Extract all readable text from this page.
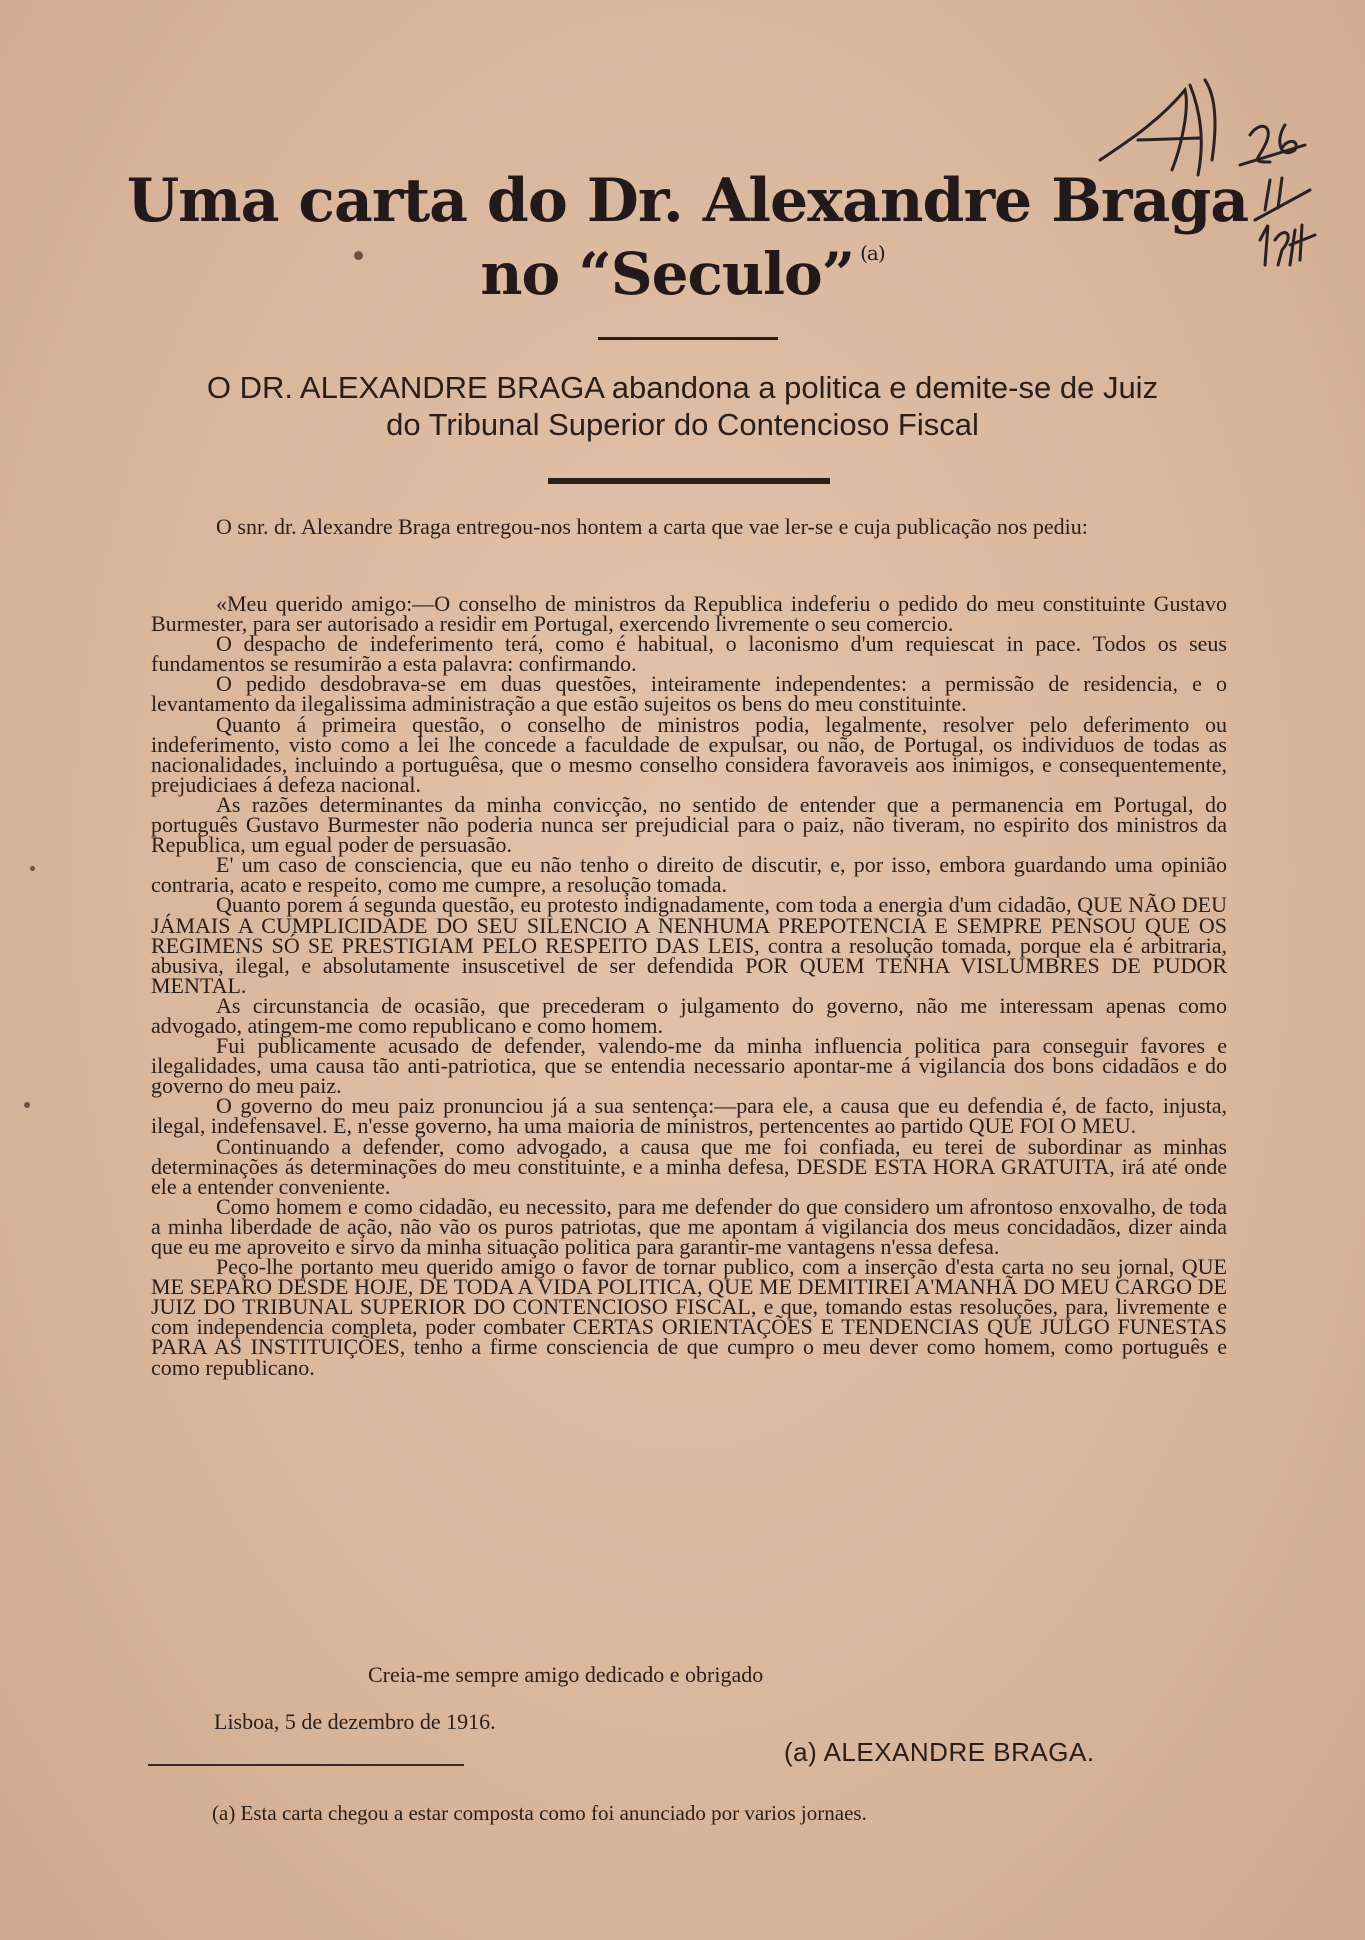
Uma carta do Dr. Alexandre Braga
no “Seculo” $^{(a)}$
O DR. ALEXANDRE BRAGA abandona a politica e demite-se de Juiz
do Tribunal Superior do Contencioso Fiscal

O snr. dr. Alexandre Braga entregou-nos hontem a carta que vae ler-se e cuja publicação nos pediu:

«Meu querido amigo:—O conselho de ministros da Republica indeferiu o pedido do meu constituinte Gustavo Burmester, para ser autorisado a residir em Portugal, exercendo livremente o seu comercio.

O despacho de indeferimento terá, como é habitual, o laconismo d'um requiescat in pace. Todos os seus fundamentos se resumirão a esta palavra: confirmando.

O pedido desdobrava-se em duas questões, inteiramente independentes: a permissão de residencia, e o levantamento da ilegalissima administração a que estão sujeitos os bens do meu constituinte.

Quanto á primeira questão, o conselho de ministros podia, legalmente, resolver pelo deferimento ou indeferimento, visto como a lei lhe concede a faculdade de expulsar, ou não, de Portugal, os individuos de todas as nacionalidades, incluindo a portuguêsa, que o mesmo conselho considera favoraveis aos inimigos, e consequentemente, prejudiciaes á defeza nacional.

As razões determinantes da minha convicção, no sentido de entender que a permanencia em Portugal, do português Gustavo Burmester não poderia nunca ser prejudicial para o paiz, não tiveram, no espirito dos ministros da Republica, um egual poder de persuasão.

E' um caso de consciencia, que eu não tenho o direito de discutir, e, por isso, embora guardando uma opinião contraria, acato e respeito, como me cumpre, a resolução tomada.

Quanto porem á segunda questão, eu protesto indignadamente, com toda a energia d'um cidadão, QUE NÃO DEU JÁMAIS A CUMPLICIDADE DO SEU SILENCIO A NENHUMA PREPOTENCIA E SEMPRE PENSOU QUE OS REGIMENS SÓ SE PRESTIGIAM PELO RESPEITO DAS LEIS, contra a resolução tomada, porque ela é arbitraria, abusiva, ilegal, e absolutamente insuscetivel de ser defendida POR QUEM TENHA VISLUMBRES DE PUDOR MENTAL.

As circunstancia de ocasião, que precederam o julgamento do governo, não me interessam apenas como advogado, atingem-me como republicano e como homem.

Fui publicamente acusado de defender, valendo-me da minha influencia politica para conseguir favores e ilegalidades, uma causa tão anti-patriotica, que se entendia necessario apontar-me á vigilancia dos bons cidadãos e do governo do meu paiz.

O governo do meu paiz pronunciou já a sua sentença:—para ele, a causa que eu defendia é, de facto, injusta, ilegal, indefensavel. E, n'esse governo, ha uma maioria de ministros, pertencentes ao partido QUE FOI O MEU.

Continuando a defender, como advogado, a causa que me foi confiada, eu terei de subordinar as minhas determinações ás determinações do meu constituinte, e a minha defesa, DESDE ESTA HORA GRATUITA, irá até onde ele a entender conveniente.

Como homem e como cidadão, eu necessito, para me defender do que considero um afrontoso enxovalho, de toda a minha liberdade de ação, não vão os puros patriotas, que me apontam á vigilancia dos meus concidadãos, dizer ainda que eu me aproveito e sirvo da minha situação politica para garantir-me vantagens n'essa defesa.

Peço-lhe portanto meu querido amigo o favor de tornar publico, com a inserção d'esta carta no seu jornal, QUE ME SEPARO DESDE HOJE, DE TODA A VIDA POLITICA, QUE ME DEMITIREI A'MANHÃ DO MEU CARGO DE JUIZ DO TRIBUNAL SUPERIOR DO CONTENCIOSO FISCAL, e que, tomando estas resoluções, para, livremente e com independencia completa, poder combater CERTAS ORIENTAÇÕES E TENDENCIAS QUE JULGO FUNESTAS PARA AS INSTITUIÇÕES, tenho a firme consciencia de que cumpro o meu dever como homem, como português e como republicano.

Creia-me sempre amigo dedicado e obrigado
Lisboa, 5 de dezembro de 1916.
(a) ALEXANDRE BRAGA.
(a) Esta carta chegou a estar composta como foi anunciado por varios jornaes.
